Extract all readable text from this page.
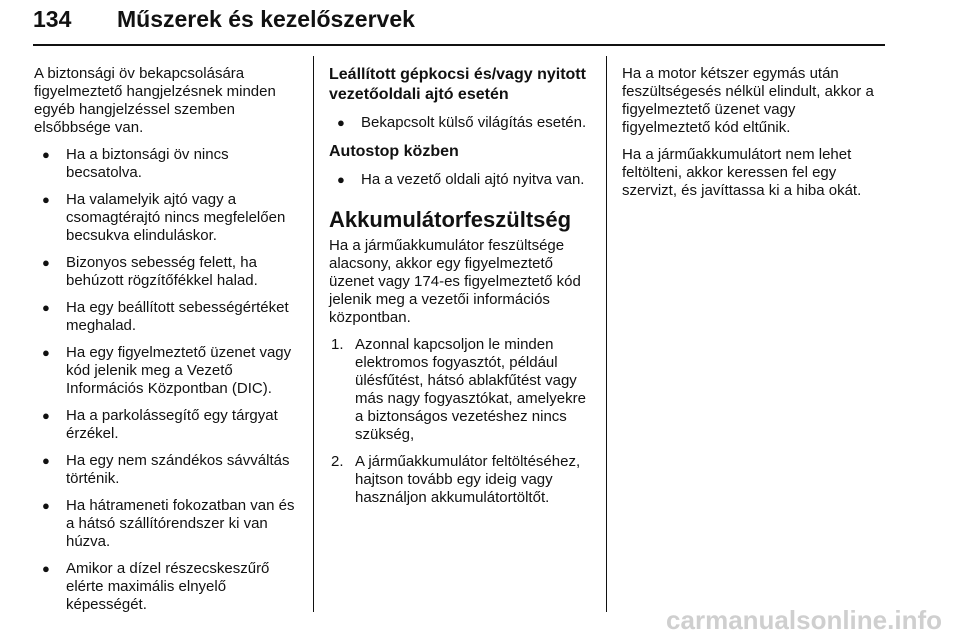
134 Műszerek és kezelőszervek

A biztonsági öv bekapcsolására figyelmeztető hangjelzésnek minden egyéb hangjelzéssel szemben elsőbbsége van.

● Ha a biztonsági öv nincs becsatolva.
● Ha valamelyik ajtó vagy a csomagtérajtó nincs megfelelően becsukva elinduláskor.
● Bizonyos sebesség felett, ha behúzott rögzítőfékkel halad.
● Ha egy beállított sebességértéket meghalad.
● Ha egy figyelmeztető üzenet vagy kód jelenik meg a Vezető Információs Központban (DIC).
● Ha a parkolássegítő egy tárgyat érzékel.
● Ha egy nem szándékos sávváltás történik.
● Ha hátrameneti fokozatban van és a hátsó szállítórendszer ki van húzva.
● Amikor a dízel részecskeszűrő elérte maximális elnyelő képességét.
Leállított gépkocsi és/vagy nyitott vezetőoldali ajtó esetén
● Bekapcsolt külső világítás esetén.
Autostop közben
● Ha a vezető oldali ajtó nyitva van.
Akkumulátorfeszültség

Ha a járműakkumulátor feszültsége alacsony, akkor egy figyelmeztető üzenet vagy 174-es figyelmeztető kód jelenik meg a vezetői információs központban.

1. Azonnal kapcsoljon le minden elektromos fogyasztót, például ülésfűtést, hátsó ablakfűtést vagy más nagy fogyasztókat, amelyekre a biztonságos vezetéshez nincs szükség,
2. A járműakkumulátor feltöltéséhez, hajtson tovább egy ideig vagy használjon akkumulátortöltőt.

Ha a motor kétszer egymás után feszültségesés nélkül elindult, akkor a figyelmeztető üzenet vagy figyelmeztető kód eltűnik.

Ha a járműakkumulátort nem lehet feltölteni, akkor keressen fel egy szervizt, és javíttassa ki a hiba okát.

carmanualsonline.info
